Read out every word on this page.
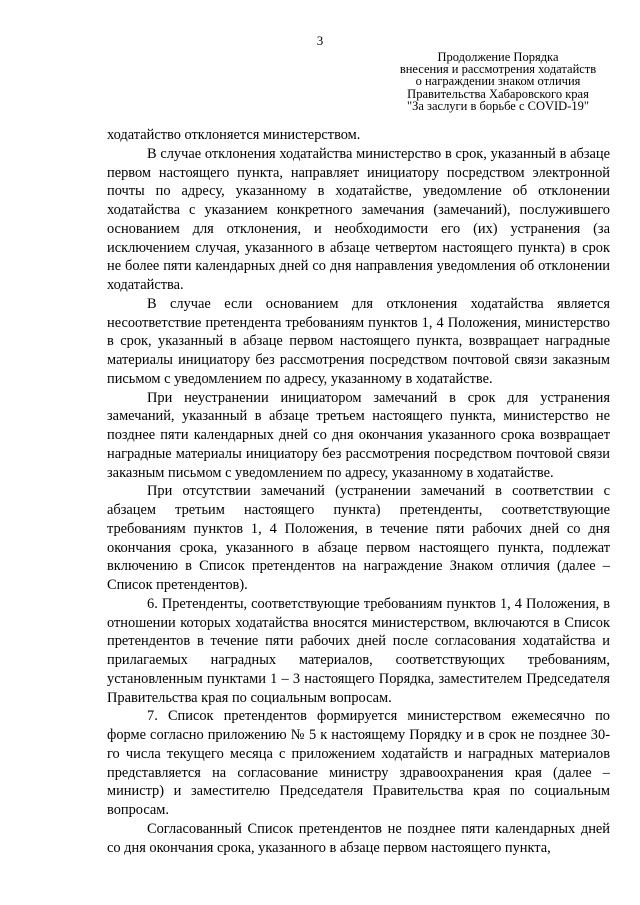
3
Продолжение Порядка
внесения и рассмотрения ходатайств
о награждении знаком отличия
Правительства Хабаровского края
"За заслуги в борьбе с COVID-19"

ходатайство отклоняется министерством.

В случае отклонения ходатайства министерство в срок, указанный в абзаце первом настоящего пункта, направляет инициатору посредством электронной почты по адресу, указанному в ходатайстве, уведомление об отклонении ходатайства с указанием конкретного замечания (замечаний), послужившего основанием для отклонения, и необходимости его (их) устранения (за исключением случая, указанного в абзаце четвертом настоящего пункта) в срок не более пяти календарных дней со дня направления уведомления об отклонении ходатайства.

В случае если основанием для отклонения ходатайства является несоответствие претендента требованиям пунктов 1, 4 Положения, министерство в срок, указанный в абзаце первом настоящего пункта, возвращает наградные материалы инициатору без рассмотрения посредством почтовой связи заказным письмом с уведомлением по адресу, указанному в ходатайстве.

При неустранении инициатором замечаний в срок для устранения замечаний, указанный в абзаце третьем настоящего пункта, министерство не позднее пяти календарных дней со дня окончания указанного срока возвращает наградные материалы инициатору без рассмотрения посредством почтовой связи заказным письмом с уведомлением по адресу, указанному в ходатайстве.

При отсутствии замечаний (устранении замечаний в соответствии с абзацем третьим настоящего пункта) претенденты, соответствующие требованиям пунктов 1, 4 Положения, в течение пяти рабочих дней со дня окончания срока, указанного в абзаце первом настоящего пункта, подлежат включению в Список претендентов на награждение Знаком отличия (далее – Список претендентов).

6. Претенденты, соответствующие требованиям пунктов 1, 4 Положения, в отношении которых ходатайства вносятся министерством, включаются в Список претендентов в течение пяти рабочих дней после согласования ходатайства и прилагаемых наградных материалов, соответствующих требованиям, установленным пунктами 1 – 3 настоящего Порядка, заместителем Председателя Правительства края по социальным вопросам.

7. Список претендентов формируется министерством ежемесячно по форме согласно приложению № 5 к настоящему Порядку и в срок не позднее 30-го числа текущего месяца с приложением ходатайств и наградных материалов представляется на согласование министру здравоохранения края (далее – министр) и заместителю Председателя Правительства края по социальным вопросам.

Согласованный Список претендентов не позднее пяти календарных дней со дня окончания срока, указанного в абзаце первом настоящего пункта,
